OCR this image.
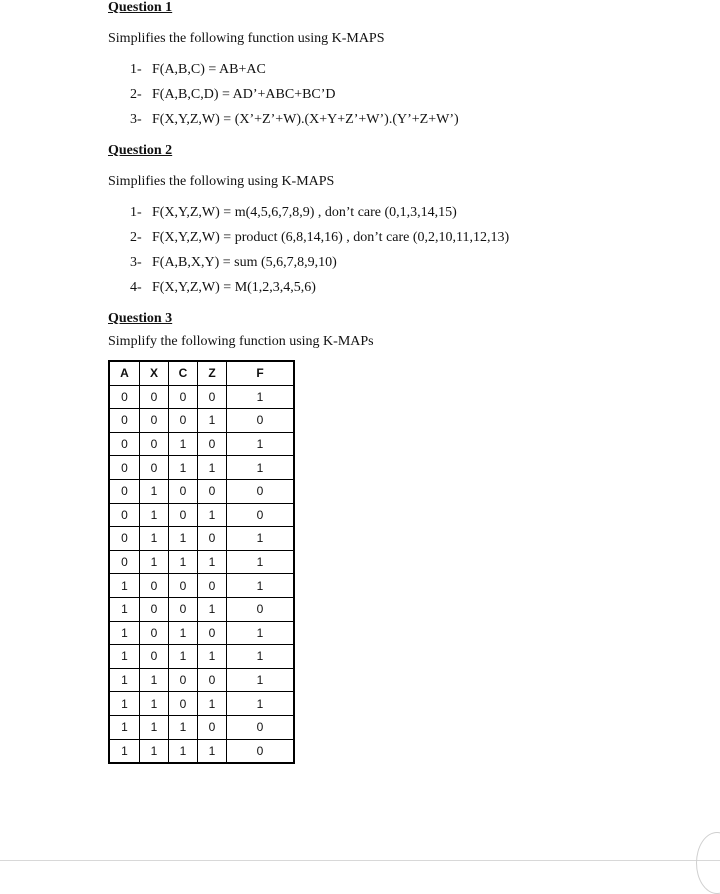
Question 1
Simplifies the following function using K-MAPS
1- F(A,B,C) = AB+AC
2- F(A,B,C,D) = AD’+ABC+BC’D
3- F(X,Y,Z,W) = (X’+Z’+W).(X+Y+Z’+W’).(Y’+Z+W’)
Question 2
Simplifies the following using K-MAPS
1- F(X,Y,Z,W) = m(4,5,6,7,8,9) , don’t care (0,1,3,14,15)
2- F(X,Y,Z,W) = product (6,8,14,16) , don’t care (0,2,10,11,12,13)
3- F(A,B,X,Y) = sum (5,6,7,8,9,10)
4- F(X,Y,Z,W) = M(1,2,3,4,5,6)
Question 3
Simplify the following function using K-MAPs
A	X	C	Z	F
0	0	0	0	1
0	0	0	1	0
0	0	1	0	1
0	0	1	1	1
0	1	0	0	0
0	1	0	1	0
0	1	1	0	1
0	1	1	1	1
1	0	0	0	1
1	0	0	1	0
1	0	1	0	1
1	0	1	1	1
1	1	0	0	1
1	1	0	1	1
1	1	1	0	0
1	1	1	1	0
